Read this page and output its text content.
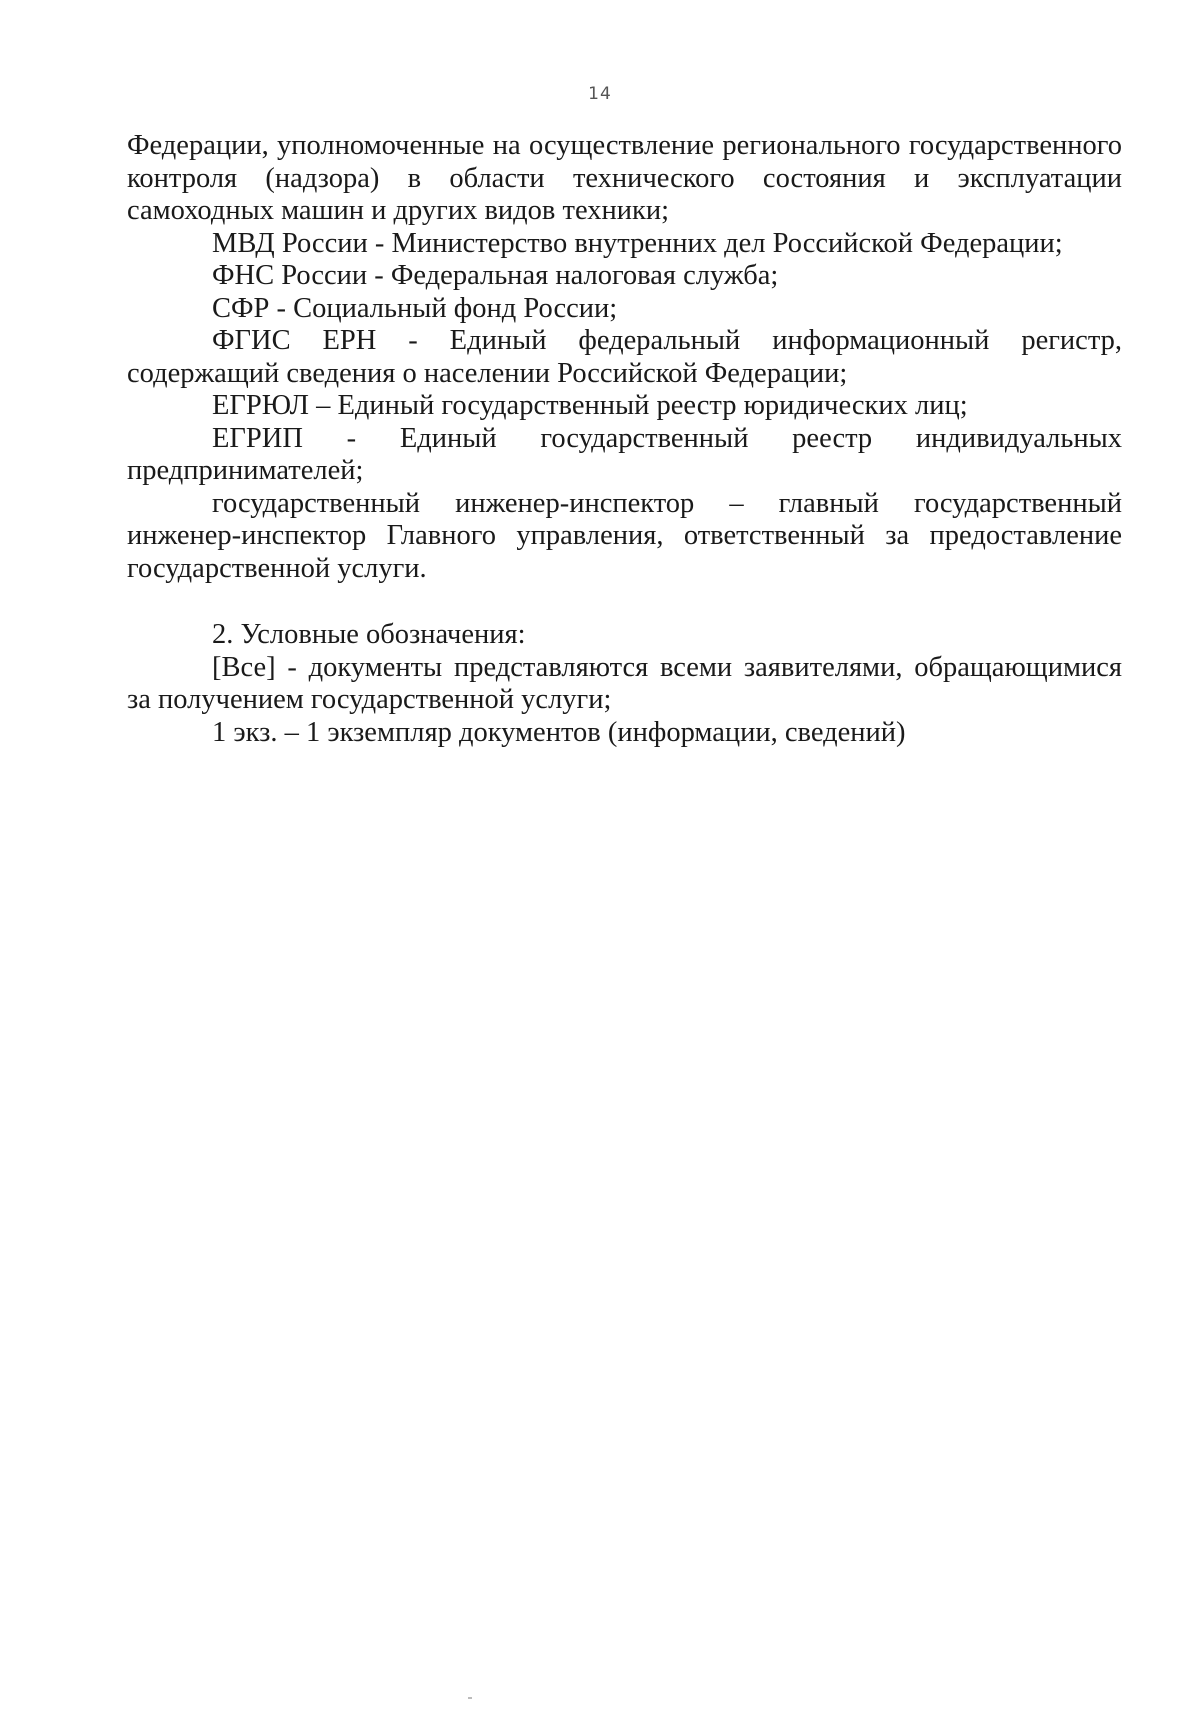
14
Федерации, уполномоченные на осуществление регионального государственного
контроля (надзора) в области технического состояния и эксплуатации
самоходных машин и других видов техники;
МВД России - Министерство внутренних дел Российской Федерации;
ФНС России - Федеральная налоговая служба;
СФР - Социальный фонд России;
ФГИС ЕРН - Единый федеральный информационный регистр,
содержащий сведения о населении Российской Федерации;
ЕГРЮЛ – Единый государственный реестр юридических лиц;
ЕГРИП - Единый государственный реестр индивидуальных
предпринимателей;
государственный инженер-инспектор – главный государственный
инженер-инспектор Главного управления, ответственный за предоставление
государственной услуги.
2. Условные обозначения:
[Все] - документы представляются всеми заявителями, обращающимися
за получением государственной услуги;
1 экз. – 1 экземпляр документов (информации, сведений)
